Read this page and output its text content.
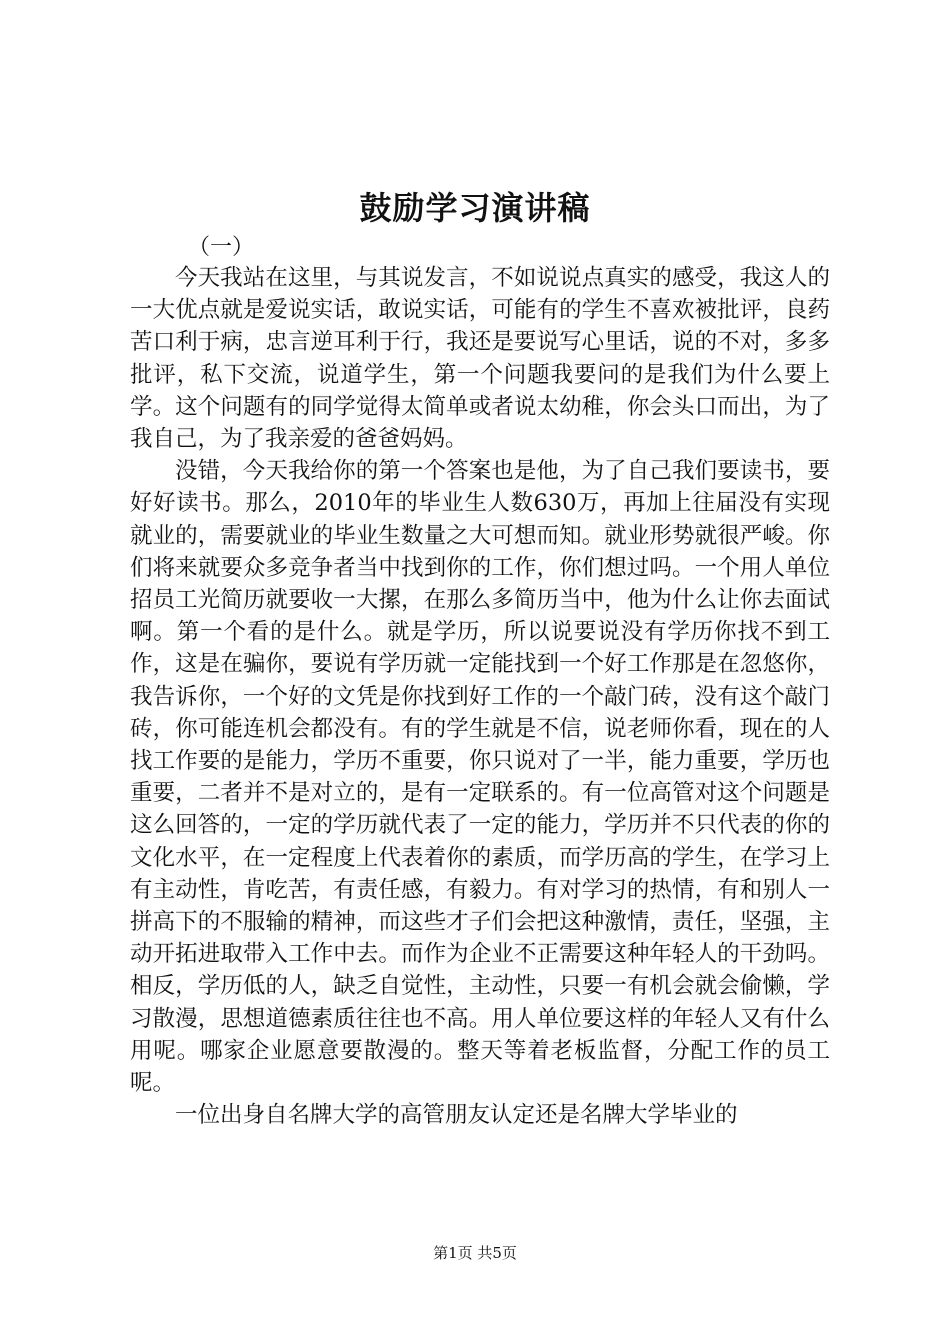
鼓励学习演讲稿

（一）

今天我站在这里，与其说发言，不如说说点真实的感受，我这人的一大优点就是爱说实话，敢说实话，可能有的学生不喜欢被批评，良药苦口利于病，忠言逆耳利于行，我还是要说写心里话，说的不对，多多批评，私下交流，说道学生，第一个问题我要问的是我们为什么要上学。这个问题有的同学觉得太简单或者说太幼稚，你会头口而出，为了我自己，为了我亲爱的爸爸妈妈。

没错，今天我给你的第一个答案也是他，为了自己我们要读书，要好好读书。那么，2010年的毕业生人数630万，再加上往届没有实现就业的，需要就业的毕业生数量之大可想而知。就业形势就很严峻。你们将来就要众多竞争者当中找到你的工作，你们想过吗。一个用人单位招员工光简历就要收一大摞，在那么多简历当中，他为什么让你去面试啊。第一个看的是什么。就是学历，所以说要说没有学历你找不到工作，这是在骗你，要说有学历就一定能找到一个好工作那是在忽悠你，我告诉你，一个好的文凭是你找到好工作的一个敲门砖，没有这个敲门砖，你可能连机会都没有。有的学生就是不信，说老师你看，现在的人找工作要的是能力，学历不重要，你只说对了一半，能力重要，学历也重要，二者并不是对立的，是有一定联系的。有一位高管对这个问题是这么回答的，一定的学历就代表了一定的能力，学历并不只代表的你的文化水平，在一定程度上代表着你的素质，而学历高的学生，在学习上有主动性，肯吃苦，有责任感，有毅力。有对学习的热情，有和别人一拼高下的不服输的精神，而这些才子们会把这种激情，责任，坚强，主动开拓进取带入工作中去。而作为企业不正需要这种年轻人的干劲吗。相反，学历低的人，缺乏自觉性，主动性，只要一有机会就会偷懒，学习散漫，思想道德素质往往也不高。用人单位要这样的年轻人又有什么用呢。哪家企业愿意要散漫的。整天等着老板监督，分配工作的员工呢。

一位出身自名牌大学的高管朋友认定还是名牌大学毕业的

第1页 共5页
